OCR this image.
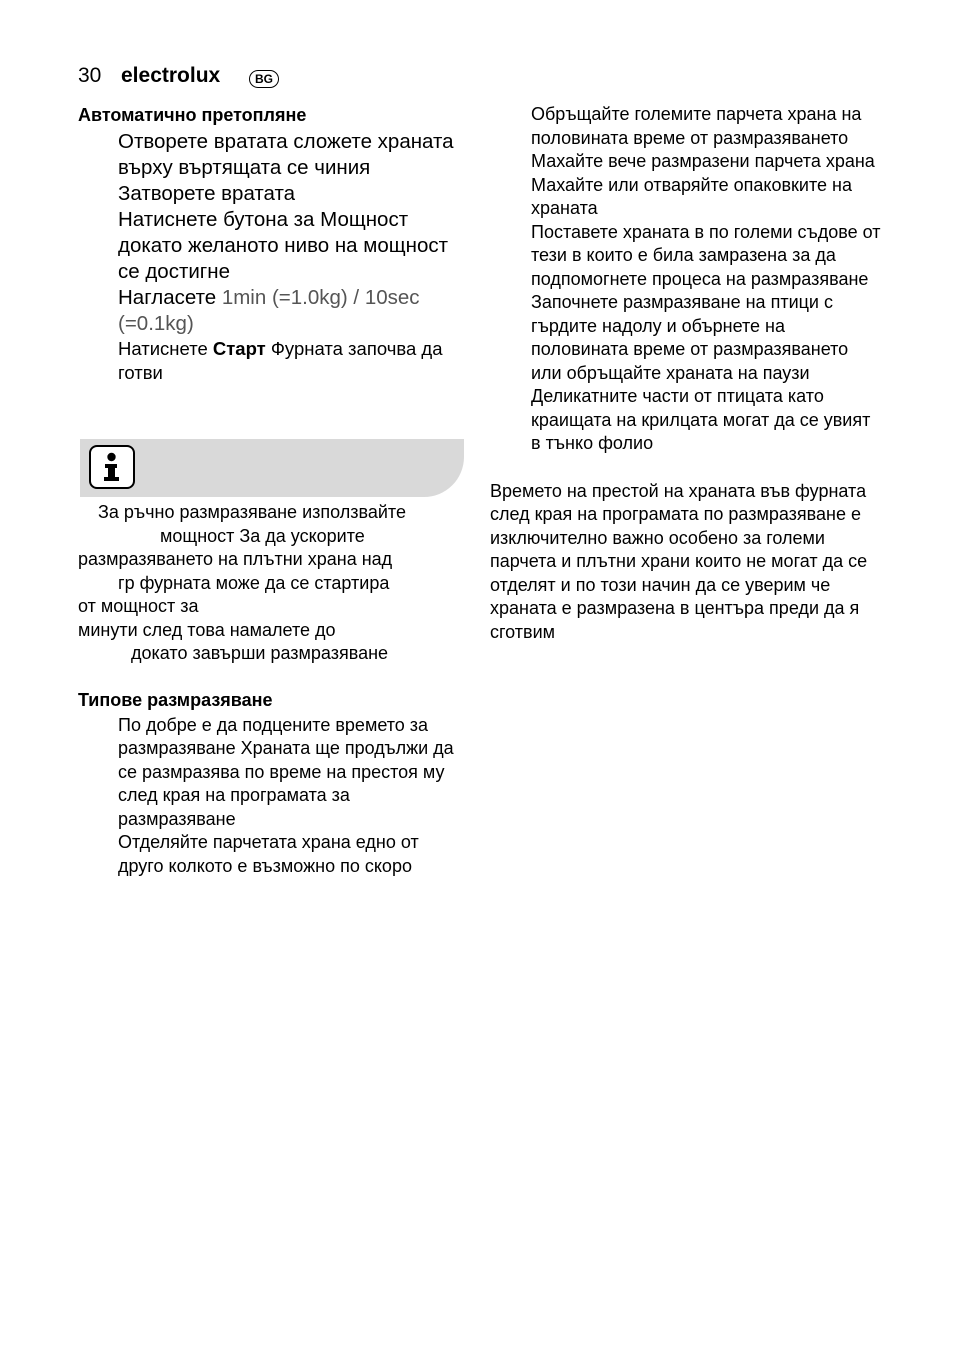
30 electrolux	BG
Автоматично претопляне

Отворете вратата сложете храната върху въртящата се чиния Затворете вратата

Натиснете бутона за Мощност докато желаното ниво на мощност се достигне

Нагласете 1min (=1.0kg) / 10sec (=0.1kg)

Натиснете Старт Фурната започва да готви

За ръчно размразяване използвайте
мощност За да ускорите
размразяването на плътни храна над
гр фурната може да се стартира
от мощност за
минути след това намалете до
докато завърши размразяване
Типове размразяване

По добре е да подцените времето за размразяване Храната ще продължи да се размразява по време на престоя му след края на програмата за размразяване

Отделяйте парчетата храна едно от друго колкото е възможно по скоро

Обръщайте големите парчета храна на половината време от размразяването

Махайте вече размразени парчета храна

Махайте или отваряйте опаковките на храната

Поставете храната в по големи съдове от тези в които е била замразена за да подпомогнете процеса на размразяване

Започнете размразяване на птици с гърдите надолу и обърнете на половината време от размразяването или обръщайте храната на паузи Деликатните части от птицата като краищата на крилцата могат да се увият в тънко фолио

Времето на престой на храната във фурната след края на програмата по размразяване е изключително важно особено за големи парчета и плътни храни които не могат да се отделят и по този начин да се уверим че храната е размразена в центъра преди да я сготвим
